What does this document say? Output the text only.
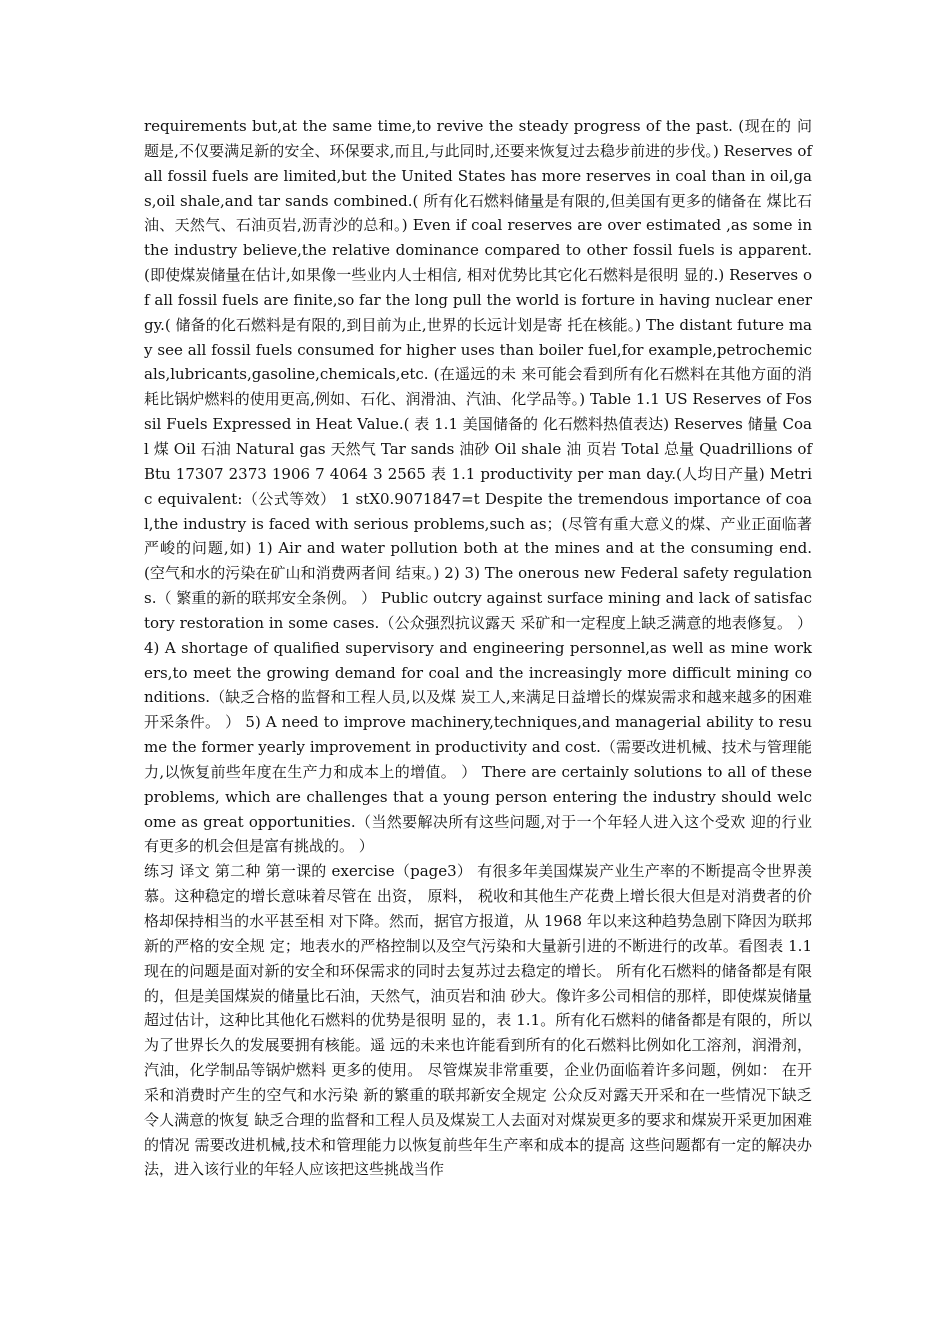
requirements but,at the same time,to revive the steady progress of the past. (现在的 问题是,不仅要满足新的安全、环保要求,而且,与此同时,还要来恢复过去稳步前进的步伐。) Reserves of all fossil fuels are limited,but the United States has more reserves in coal than in oil,gas,oil shale,and tar sands combined.( 所有化石燃料储量是有限的,但美国有更多的储备在 煤比石油、天然气、石油页岩,沥青沙的总和。) Even if coal reserves are over estimated ,as some in the industry believe,the relative dominance compared to other fossil fuels is apparent.(即使煤炭储量在估计,如果像一些业内人士相信, 相对优势比其它化石燃料是很明 显的.) Reserves of all fossil fuels are finite,so far the long pull the world is forture in having nuclear energy.( 储备的化石燃料是有限的,到目前为止,世界的长远计划是寄 托在核能。) The distant future may see all fossil fuels consumed for higher uses than boiler fuel,for example,petrochemicals,lubricants,gasoline,chemicals,etc. (在遥远的未 来可能会看到所有化石燃料在其他方面的消耗比锅炉燃料的使用更高,例如、石化、润滑油、汽油、化学品等。) Table 1.1 US Reserves of Fossil Fuels Expressed in Heat Value.( 表 1.1 美国储备的 化石燃料热值表达) Reserves 储量 Coal 煤 Oil 石油 Natural gas 天然气 Tar sands 油砂 Oil shale 油 页岩 Total 总量 Quadrillions of Btu 17307 2373 1906 7 4064 3 2565 表 1.1 productivity per man day.(人均日产量) Metric equivalent:（公式等效） 1 stX0.9071847=t Despite the tremendous importance of coal,the industry is faced with serious problems,such as；(尽管有重大意义的煤、产业正面临著严峻的问题,如) 1) Air and water pollution both at the mines and at the consuming end. (空气和水的污染在矿山和消费两者间 结束。) 2) 3) The onerous new Federal safety regulations.（ 繁重的新的联邦安全条例。 ） Public outcry against surface mining and lack of satisfactory restoration in some cases.（公众强烈抗议露天 采矿和一定程度上缺乏满意的地表修复。 ） 4) A shortage of qualified supervisory and engineering personnel,as well as mine workers,to meet the growing demand for coal and the increasingly more difficult mining conditions.（缺乏合格的监督和工程人员,以及煤 炭工人,来满足日益增长的煤炭需求和越来越多的困难开采条件。 ） 5) A need to improve machinery,techniques,and managerial ability to resume the former yearly improvement in productivity and cost.（需要改进机械、技术与管理能力,以恢复前些年度在生产力和成本上的增值。 ） There are certainly solutions to all of these problems, which are challenges that a young person entering the industry should welcome as great opportunities.（当然要解决所有这些问题,对于一个年轻人进入这个受欢 迎的行业有更多的机会但是富有挑战的。 ）

练习 译文 第二种 第一课的 exercise（page3） 有很多年美国煤炭产业生产率的不断提高令世界羡慕。这种稳定的增长意味着尽管在 出资， 原料， 税收和其他生产花费上增长很大但是对消费者的价格却保持相当的水平甚至相 对下降。然而，据官方报道，从 1968 年以来这种趋势急剧下降因为联邦新的严格的安全规 定；地表水的严格控制以及空气污染和大量新引进的不断进行的改革。看图表 1.1 现在的问题是面对新的安全和环保需求的同时去复苏过去稳定的增长。 所有化石燃料的储备都是有限的，但是美国煤炭的储量比石油，天然气，油页岩和油 砂大。像许多公司相信的那样，即使煤炭储量超过估计，这种比其他化石燃料的优势是很明 显的，表 1.1。所有化石燃料的储备都是有限的，所以为了世界长久的发展要拥有核能。遥 远的未来也许能看到所有的化石燃料比例如化工溶剂，润滑剂，汽油，化学制品等锅炉燃料 更多的使用。 尽管煤炭非常重要，企业仍面临着许多问题，例如： 在开采和消费时产生的空气和水污染 新的繁重的联邦新安全规定 公众反对露天开采和在一些情况下缺乏令人满意的恢复 缺乏合理的监督和工程人员及煤炭工人去面对对煤炭更多的要求和煤炭开采更加困难 的情况 需要改进机械,技术和管理能力以恢复前些年生产率和成本的提高 这些问题都有一定的解决办法，进入该行业的年轻人应该把这些挑战当作
